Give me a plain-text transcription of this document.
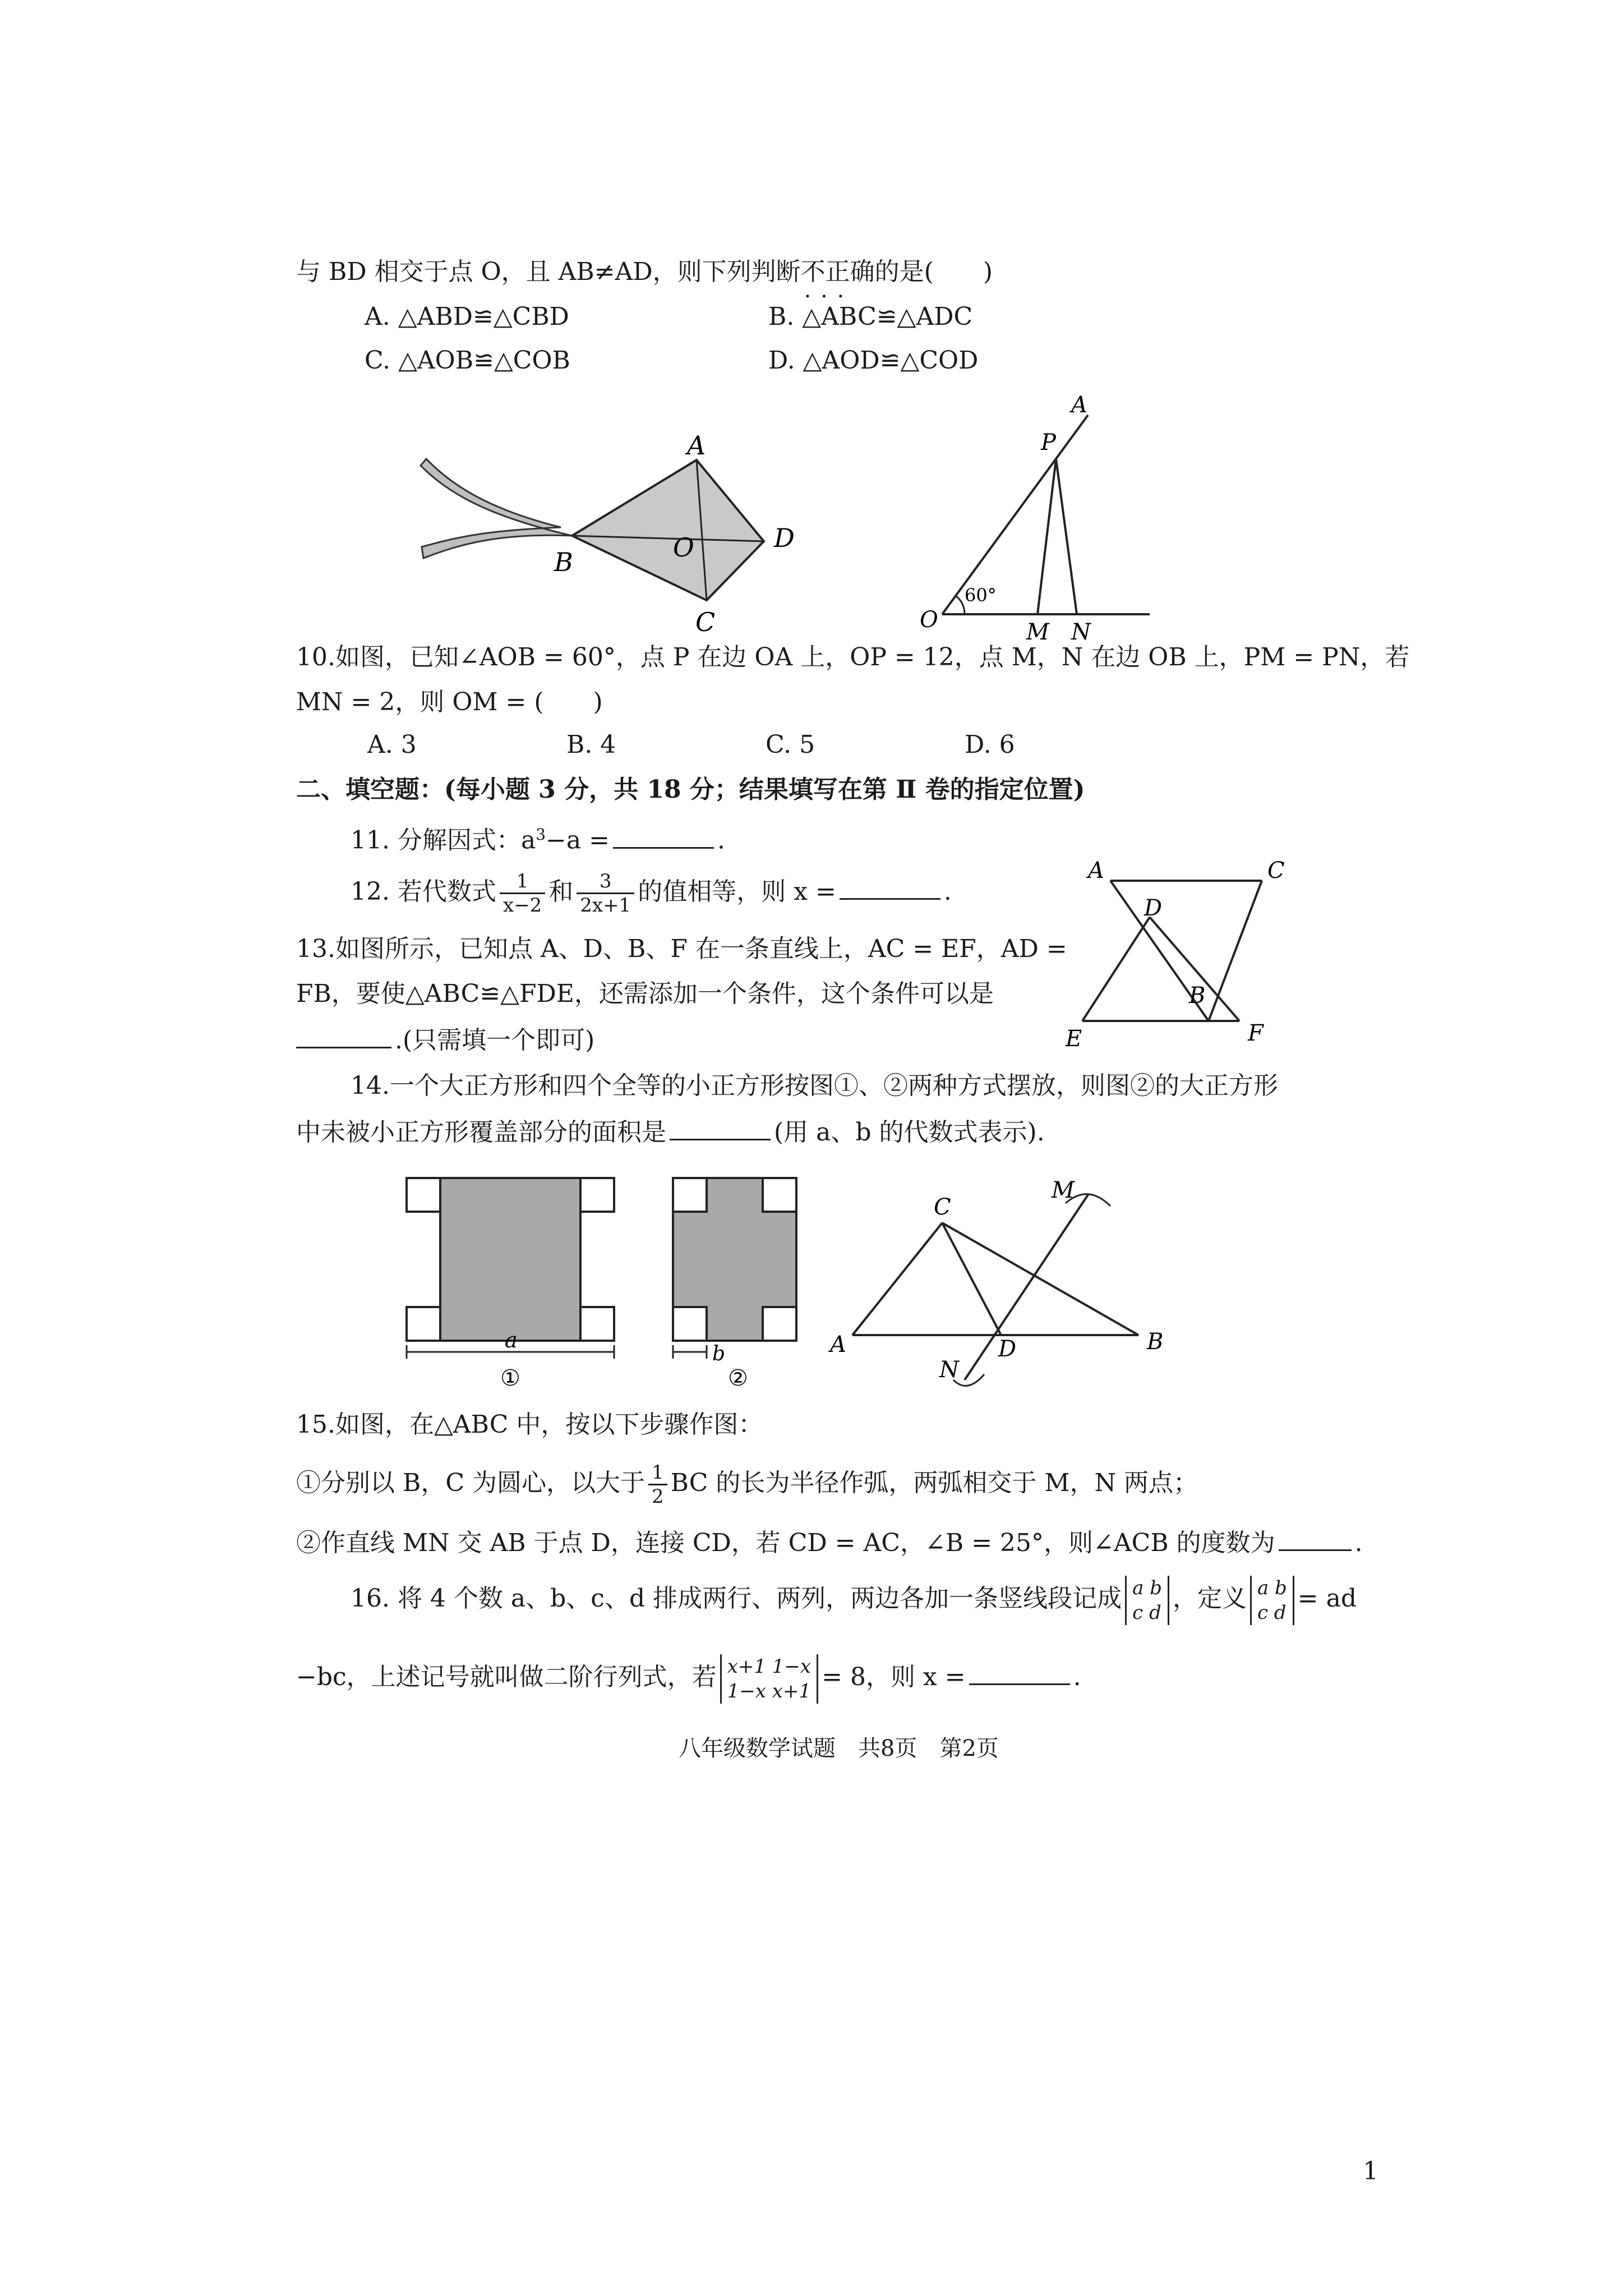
与 BD 相交于点 O，且 AB≠AD，则下列判断不正确 · · ·的是(　　)
A. △ABD≌△CBD	B. △ABC≌△ADC
C. △AOB≌△COB	D. △AOD≌△COD
A
B
C
D
O
A
P
O	M N
60°
10.如图，已知∠AOB = 60°，点 P 在边 OA 上，OP = 12，点 M，N 在边 OB 上，PM = PN，若
MN = 2，则 OM = (　　)
A. 3	B. 4	C. 5	D. 6
二、填空题：(每小题 3 分，共 18 分；结果填写在第 Ⅱ 卷的指定位置)
11. 分解因式：$a^3-a$ =	.
12. 若代数式 $\frac{1}{x-2}$ 和 $\frac{3}{2x+1}$ 的值相等，则 x =	.
A	C
D
B
E	F
13.如图所示，已知点 A、D、B、F 在一条直线上，AC = EF，AD =
FB，要使△ABC≌△FDE，还需添加一个条件，这个条件可以是
.(只需填一个即可)
14.一个大正方形和四个全等的小正方形按图①、②两种方式摆放，则图②的大正方形
中未被小正方形覆盖部分的面积是	(用 a、b 的代数式表示).
a
①
b
②
C
M
A	D	B
N
15.如图，在△ABC 中，按以下步骤作图：
①分别以 B，C 为圆心，以大于 $\frac{1}{2}$ BC 的长为半径作弧，两弧相交于 M，N 两点；
②作直线 MN 交 AB 于点 D，连接 CD，若 CD = AC，∠B = 25°，则∠ACB 的度数为	.
16. 将 4 个数 a、b、c、d 排成两行、两列，两边各加一条竖线段记成 a b
c d ，定义 a b
c d = ad
−bc，上述记号就叫做二阶行列式，若 x+1 1−x
1−x x+1 = 8，则 x =	.
八年级数学试题　共8页　第2页
1
